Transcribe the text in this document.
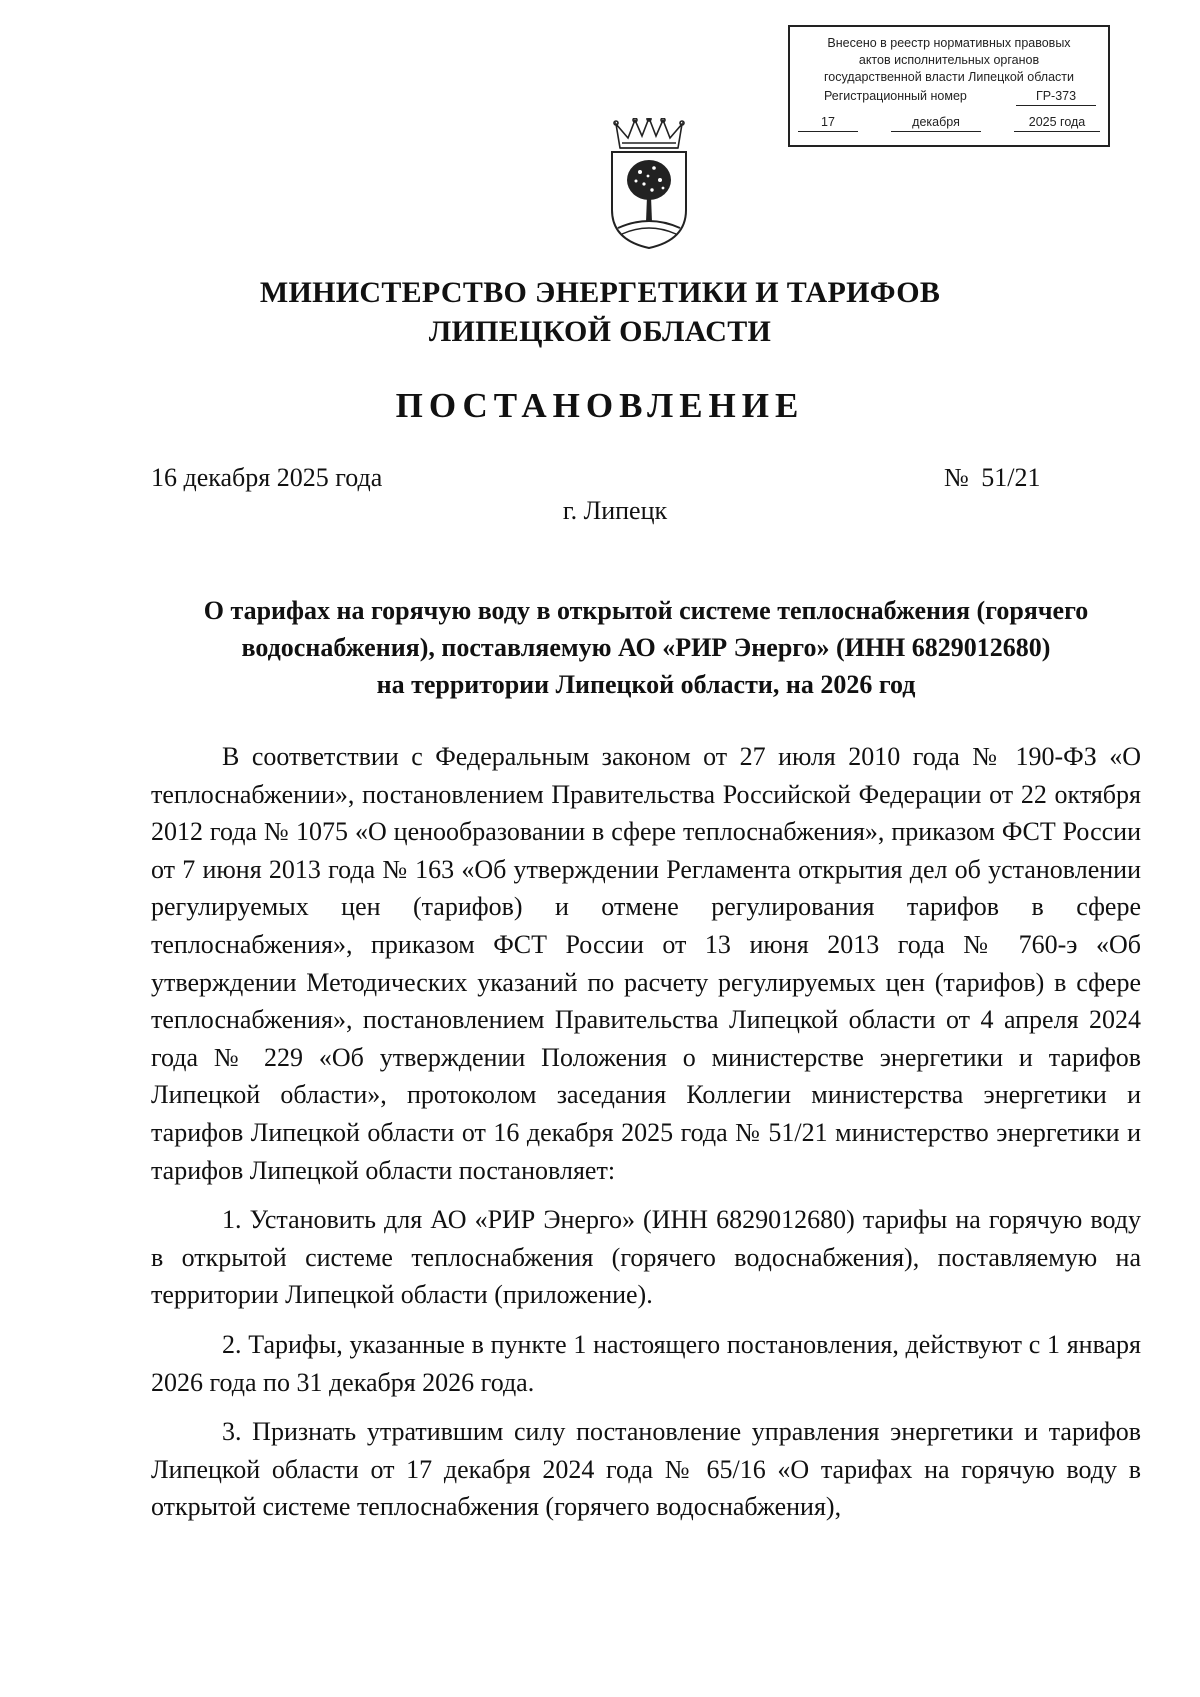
Внесено в реестр нормативных правовых
актов исполнительных органов
государственной власти Липецкой области
Регистрационный номер	ГР-373
17	декабря	2025 года
МИНИСТЕРСТВО ЭНЕРГЕТИКИ И ТАРИФОВ
ЛИПЕЦКОЙ ОБЛАСТИ
ПОСТАНОВЛЕНИЕ
16 декабря 2025 года	№ 51/21
г. Липецк
О тарифах на горячую воду в открытой системе теплоснабжения (горячего
водоснабжения), поставляемую АО «РИР Энерго» (ИНН 6829012680)
на территории Липецкой области, на 2026 год

В соответствии с Федеральным законом от 27 июля 2010 года № 190-ФЗ «О теплоснабжении», постановлением Правительства Российской Федерации от 22 октября 2012 года № 1075 «О ценообразовании в сфере теплоснабжения», приказом ФСТ России от 7 июня 2013 года № 163 «Об утверждении Регламента открытия дел об установлении регулируемых цен (тарифов) и отмене регулирования тарифов в сфере теплоснабжения», приказом ФСТ России от 13 июня 2013 года № 760-э «Об утверждении Методических указаний по расчету регулируемых цен (тарифов) в сфере теплоснабжения», постановлением Правительства Липецкой области от 4 апреля 2024 года № 229 «Об утверждении Положения о министерстве энергетики и тарифов Липецкой области», протоколом заседания Коллегии министерства энергетики и тарифов Липецкой области от 16 декабря 2025 года № 51/21 министерство энергетики и тарифов Липецкой области постановляет:

1. Установить для АО «РИР Энерго» (ИНН 6829012680) тарифы на горячую воду в открытой системе теплоснабжения (горячего водоснабжения), поставляемую на территории Липецкой области (приложение).

2. Тарифы, указанные в пункте 1 настоящего постановления, действуют с 1 января 2026 года по 31 декабря 2026 года.

3. Признать утратившим силу постановление управления энергетики и тарифов Липецкой области от 17 декабря 2024 года № 65/16 «О тарифах на горячую воду в открытой системе теплоснабжения (горячего водоснабжения),
